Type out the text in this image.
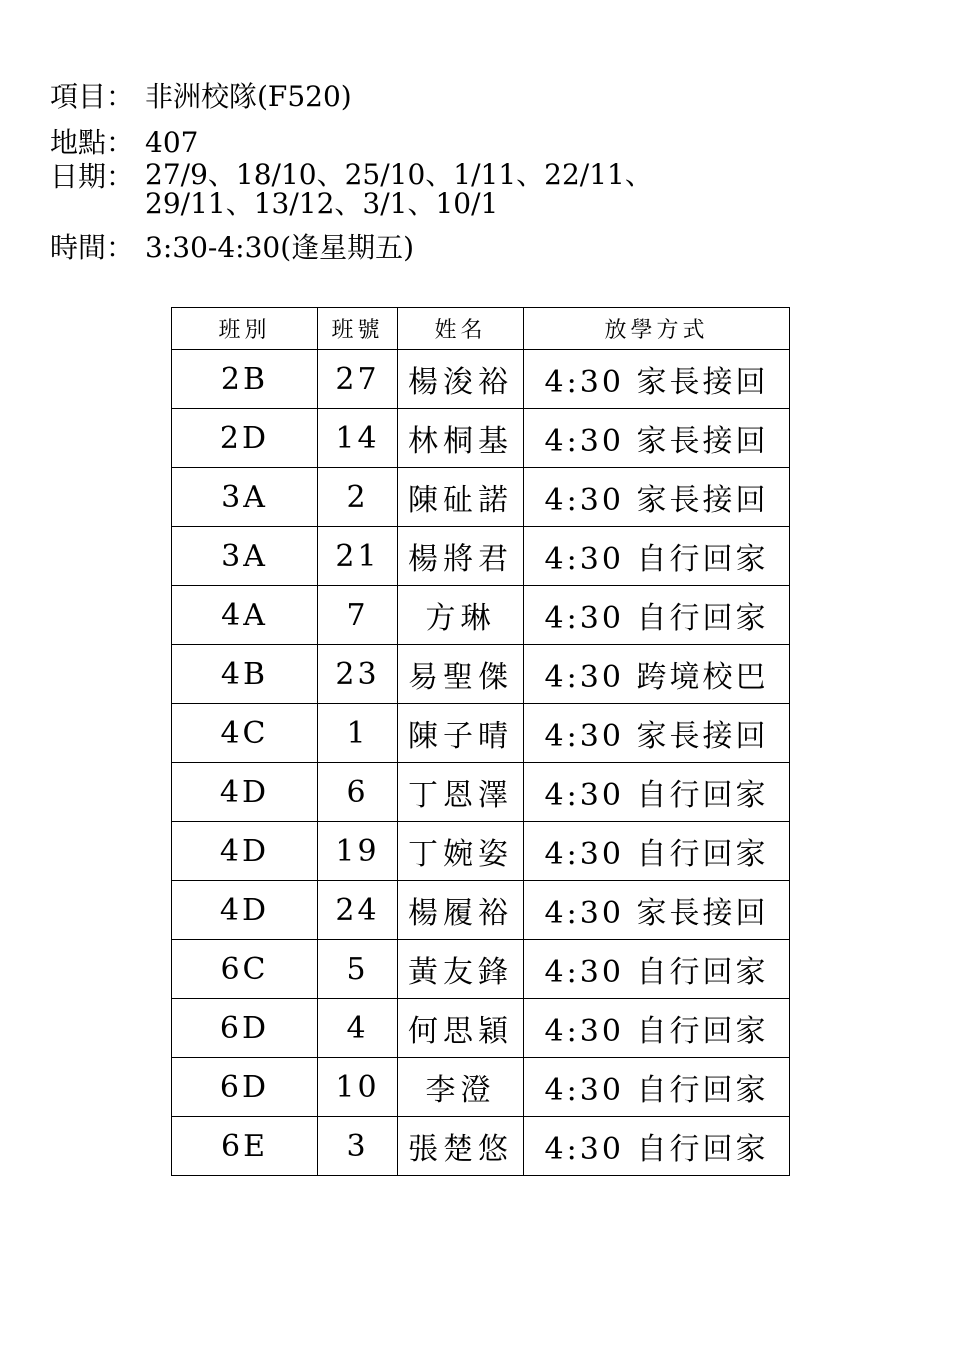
項目： 非洲校隊(F520)
地點： 407
日期： 27/9、18/10、25/10、1/11、22/11、
29/11、13/12、3/1、10/1
時間： 3:30-4:30(逢星期五)
班別	班號	姓名	放學方式
2B	27	楊浚裕	4:30 家長接回
2D	14	林桐基	4:30 家長接回
3A	2	陳砋諾	4:30 家長接回
3A	21	楊將君	4:30 自行回家
4A	7	方琳	4:30 自行回家
4B	23	易聖傑	4:30 跨境校巴
4C	1	陳子晴	4:30 家長接回
4D	6	丁恩澤	4:30 自行回家
4D	19	丁婉姿	4:30 自行回家
4D	24	楊履裕	4:30 家長接回
6C	5	黃友鋒	4:30 自行回家
6D	4	何思穎	4:30 自行回家
6D	10	李澄	4:30 自行回家
6E	3	張楚悠	4:30 自行回家
